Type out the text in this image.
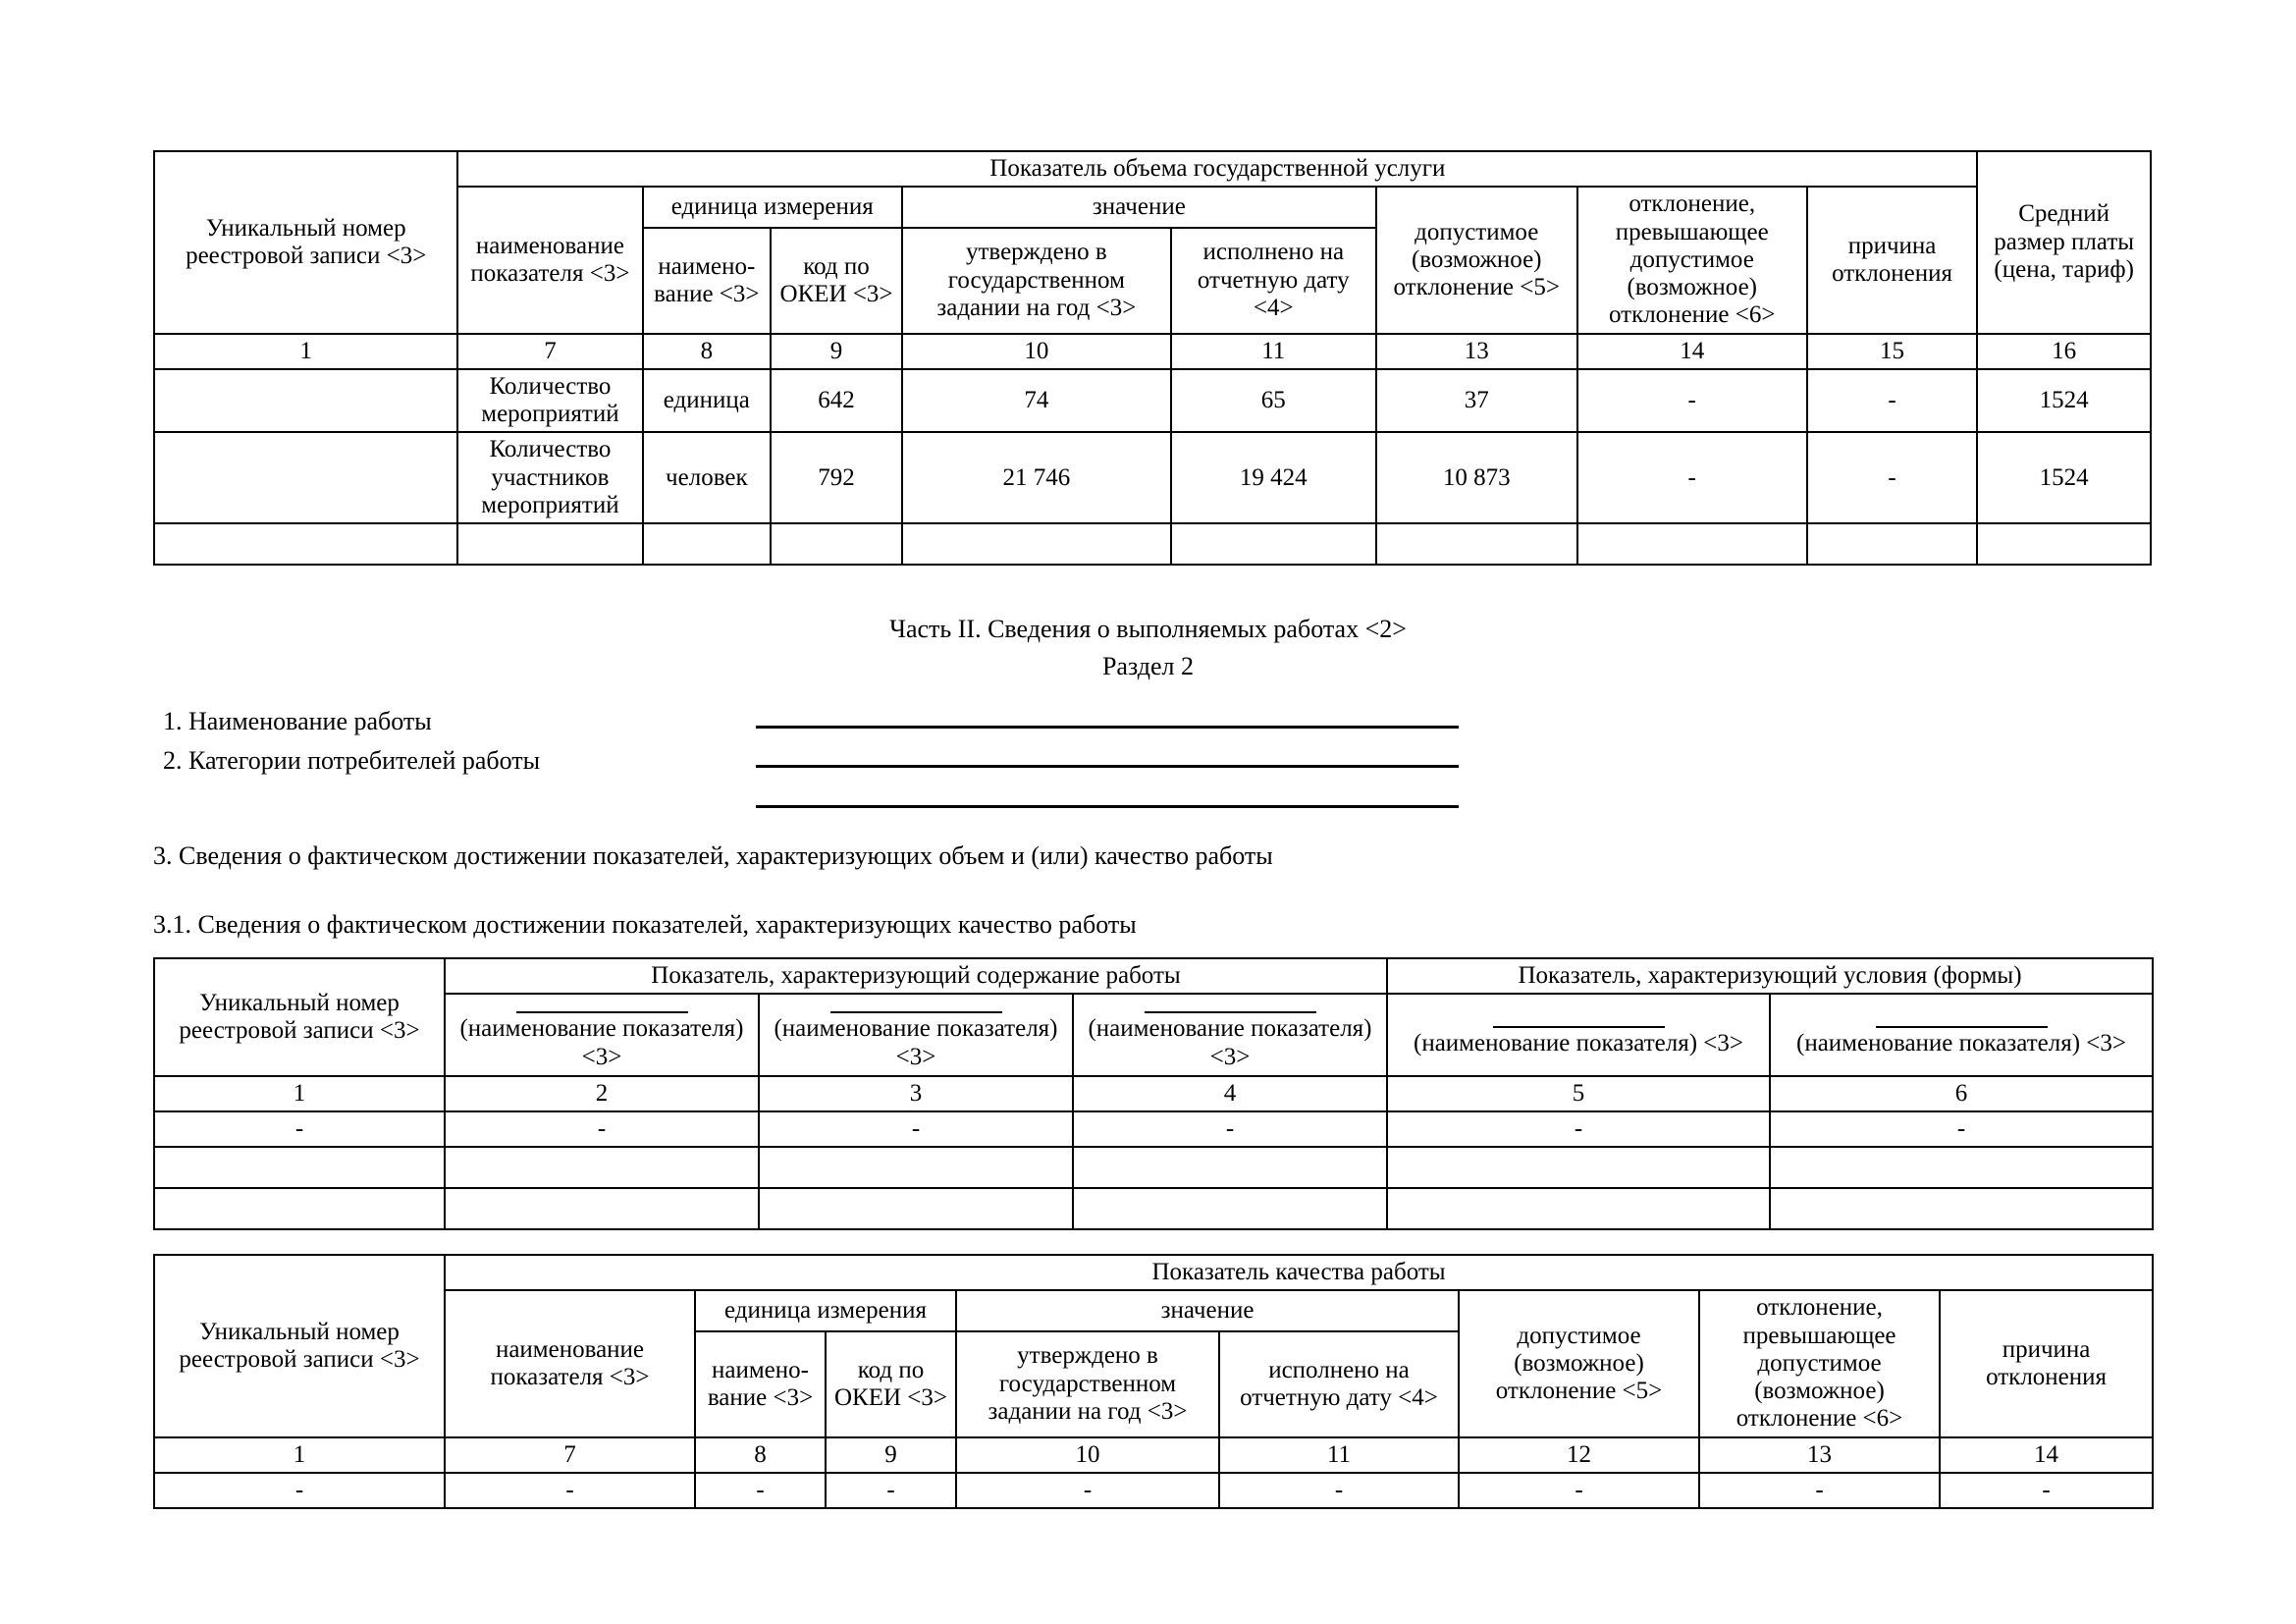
Уникальный номер реестровой записи <3>	Показатель объема государственной услуги								Средний размер платы (цена, тариф)
	наименование показателя <3>	единица измерения		значение		допустимое (возможное) отклонение <5>	отклонение, превышающее допустимое (возможное) отклонение <6>	причина отклонения	
		наимено-вание <3>	код по ОКЕИ <3>	утверждено в государственном задании на год <3>	исполнено на отчетную дату <4>				
1	7	8	9	10	11	13	14	15	16
	Количество мероприятий	единица	642	74	65	37	-	-	1524
	Количество участников мероприятий	человек	792	21 746	19 424	10 873	-	-	1524

Часть II. Сведения о выполняемых работах <2>
Раздел 2
1. Наименование работы
2. Категории потребителей работы
3. Сведения о фактическом достижении показателей, характеризующих объем и (или) качество работы
3.1. Сведения о фактическом достижении показателей, характеризующих качество работы
Уникальный номер реестровой записи <3>	Показатель, характеризующий содержание работы			Показатель, характеризующий условия (формы)	

	(наименование показателя) <3>	(наименование показателя) <3>	(наименование показателя) <3>	(наименование показателя) <3>	(наименование показателя) <3>

1	2	3	4	5	6
-	-	-	-	-	-

Уникальный номер реестровой записи <3>	Показатель качества работы							
	наименование показателя <3>	единица измерения		значение		допустимое (возможное) отклонение <5>	отклонение, превышающее допустимое (возможное) отклонение <6>	причина отклонения
		наимено-вание <3>	код по ОКЕИ <3>	утверждено в государственном задании на год <3>	исполнено на отчетную дату <4>			
1	7	8	9	10	11	12	13	14
-	-	-	-	-	-	-	-	-
